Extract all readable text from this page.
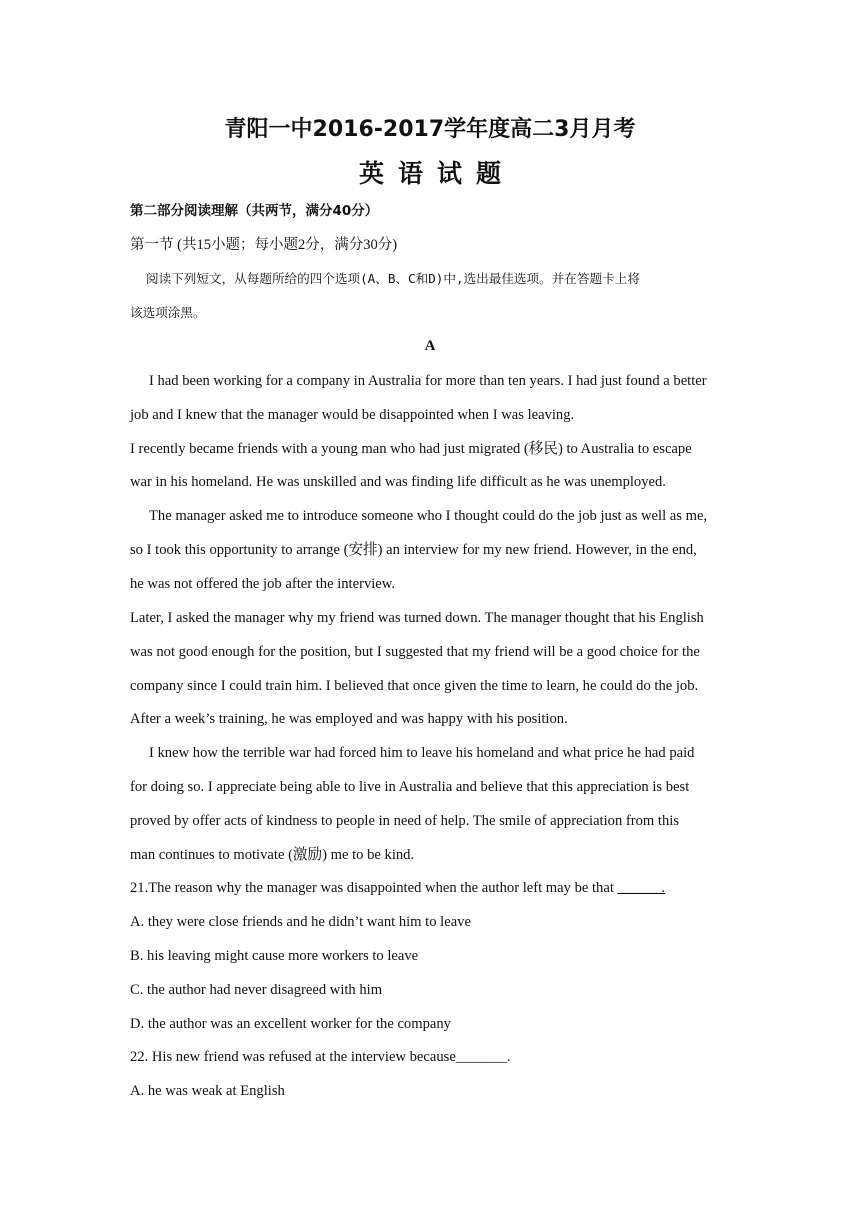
青阳一中2016-2017学年度高二3月月考
英语试题
第二部分阅读理解（共两节，满分40分）
第一节 (共15小题；每小题2分，满分30分)
阅读下列短文，从每题所给的四个选项(A、B、C和D)中,选出最佳选项。并在答题卡上将
该选项涂黑。
A
I had been working for a company in Australia for more than ten years. I had just found a better
job and I knew that the manager would be disappointed when I was leaving.
I recently became friends with a young man who had just migrated (移民) to Australia to escape
war in his homeland. He was unskilled and was finding life difficult as he was unemployed.
The manager asked me to introduce someone who I thought could do the job just as well as me,
so I took this opportunity to arrange (安排) an interview for my new friend. However, in the end,
he was not offered the job after the interview.
Later, I asked the manager why my friend was turned down. The manager thought that his English
was not good enough for the position, but I suggested that my friend will be a good choice for the
company since I could train him. I believed that once given the time to learn, he could do the job.
After a week’s training, he was employed and was happy with his position.
I knew how the terrible war had forced him to leave his homeland and what price he had paid
for doing so. I appreciate being able to live in Australia and believe that this appreciation is best
proved by offer acts of kindness to people in need of help. The smile of appreciation from this
man continues to motivate (激励) me to be kind.
21.The reason why the manager was disappointed when the author left may be that ______.
A. they were close friends and he didn’t want him to leave
B. his leaving might cause more workers to leave
C. the author had never disagreed with him
D. the author was an excellent worker for the company
22. His new friend was refused at the interview because_______.
A. he was weak at English
